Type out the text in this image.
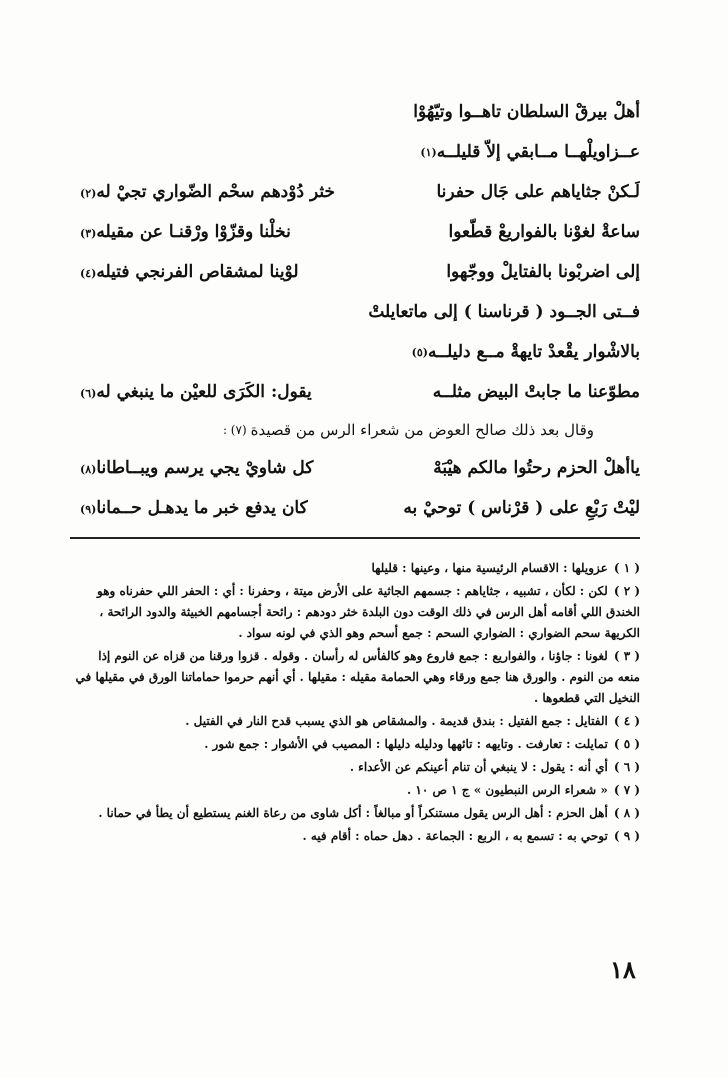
أهلْ بيرقْ السلطان تاهــوا وتيّهُوْا
عــزاويلْهــا مــابقي إلاّ قليلــه
(١)
لَـكنْ جثاياهم على جَال حفرنا
خثر دُوْدهم سحْم الضّواري تجيْ له(٢)
ساعةْ لغوْنا بالفواريعْ قطّعوا
نخلْنا وقزّوْا ورْقنـا عن مقيله(٣)
إلى اضربْونا بالفتايلْ ووجّهوا
لوْينا لمشقاص الفرنجي فتيله(٤)
فــتى الجــود ( قرناسنا ) إلى ماتعايلتْ
بالاشْوار يقْعدْ تايهةْ مــع دليلــه
(٥)
مطوّعنا ما جابتْ البيض مثلــه
يقول: الكَرَى للعيْن ما ينبغي له(٦)
وقال بعد ذلك صالح العوض من شعراء الرس من قصيدة
(٧) :
ياأهلْ الحزم رحتُوا مالكم هيْبَهْ
كل شاويْ يجي يرسم ويبــاطانا(٨)
ليْتْ رَبْعِ على ( قرْناس ) توحيْ به
كان يدفع خبر ما يدهـل حــمانا(٩)

( ١ )عزويلها : الاقسام الرئيسية منها ، وعينها : قليلها

( ٢ )لكن : لكأن ، تشبيه ، جثاياهم : جسمهم الجاثية على الأرض ميتة ، وحفرنا : أي : الحفر اللي حفرناه وهو الخندق اللي أقامه أهل الرس في ذلك الوقت دون البلدة خثر دودهم : رائحة أجسامهم الخبيثة والدود الرائحة ، الكريهة سحم الضواري : الضواري السحم : جمع أسحم وهو الذي في لونه سواد .

( ٣ )لغونا : جاؤنا ، والفواريع : جمع فاروع وهو كالفأس له رأسان . وقوله . قزوا ورقنا من قزاه عن النوم إذا منعه من النوم . والورق هنا جمع ورقاء وهي الحمامة مقيله : مقيلها . أي أنهم حرموا حماماتنا الورق في مقيلها في النخيل التي قطعوها .

( ٤ )الفتايل : جمع الفتيل : بندق قديمة . والمشقاص هو الذي يسبب قدح النار في الفتيل .

( ٥ )تمايلت : تعارفت . وتايهه : تائهها ودليله دليلها : المصيب في الأشوار : جمع شور .

( ٦ )أي أنه : يقول : لا ينبغي أن تنام أعينكم عن الأعداء .

( ٧ )« شعراء الرس النبطيون » ج ١ ص ١٠ .

( ٨ )أهل الحزم : أهل الرس يقول مستنكراً أو مبالغاً : أكل شاوى من رعاة الغنم يستطيع أن يطأ في حمانا .

( ٩ )توحي به : تسمع به ، الربع : الجماعة . دهل حماه : أقام فيه .

١٨
